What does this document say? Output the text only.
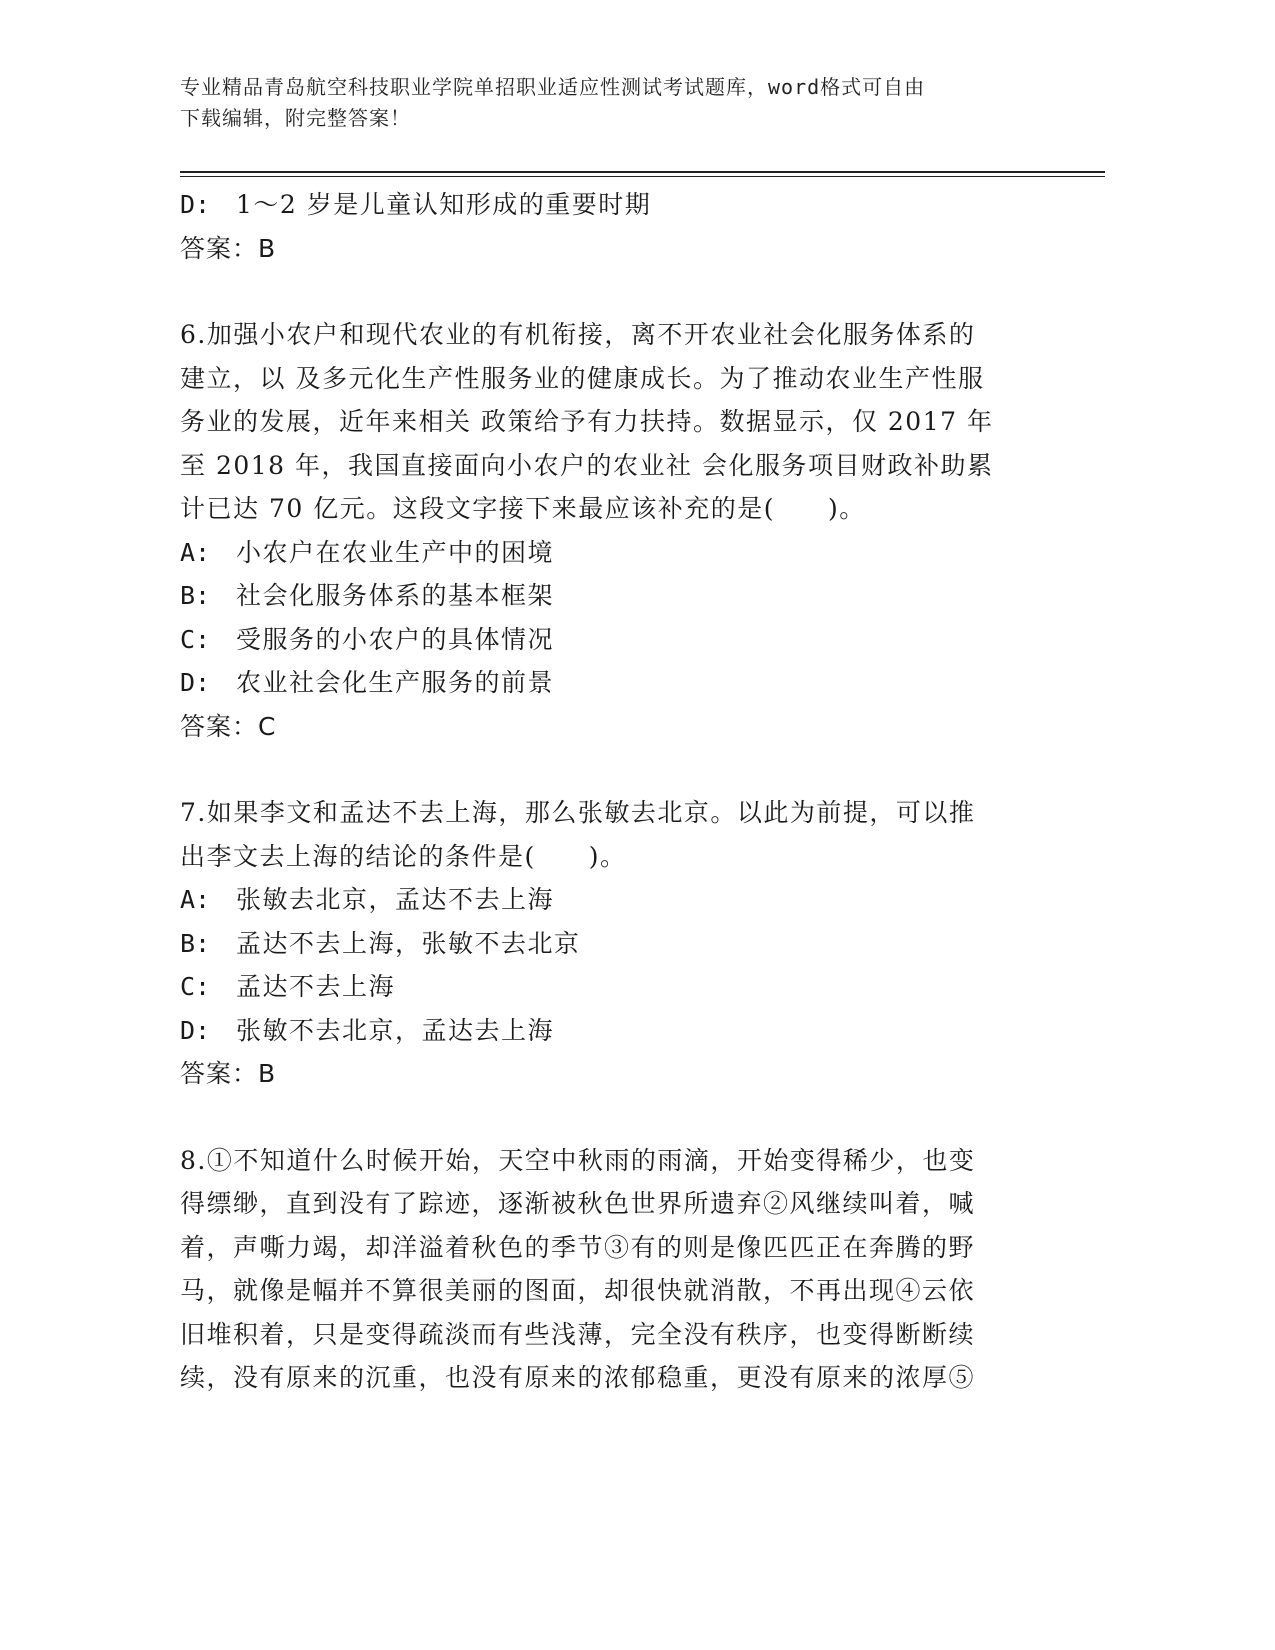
专业精品青岛航空科技职业学院单招职业适应性测试考试题库，word格式可自由
下载编辑，附完整答案！
D:	1～2 岁是儿童认知形成的重要时期
答案：B
6.加强小农户和现代农业的有机衔接，离不开农业社会化服务体系的
建立，以 及多元化生产性服务业的健康成长。为了推动农业生产性服
务业的发展，近年来相关 政策给予有力扶持。数据显示，仅 2017 年
至 2018 年，我国直接面向小农户的农业社 会化服务项目财政补助累
计已达 70 亿元。这段文字接下来最应该补充的是(　　)。
A:	小农户在农业生产中的困境
B:	社会化服务体系的基本框架
C:	受服务的小农户的具体情况
D:	农业社会化生产服务的前景
答案：C
7.如果李文和孟达不去上海，那么张敏去北京。以此为前提，可以推
出李文去上海的结论的条件是(　　)。
A:	张敏去北京，孟达不去上海
B:	孟达不去上海，张敏不去北京
C:	孟达不去上海
D:	张敏不去北京，孟达去上海
答案：B
8.①不知道什么时候开始，天空中秋雨的雨滴，开始变得稀少，也变
得缥缈，直到没有了踪迹，逐渐被秋色世界所遗弃②风继续叫着，喊
着，声嘶力竭，却洋溢着秋色的季节③有的则是像匹匹正在奔腾的野
马，就像是幅并不算很美丽的图面，却很快就消散，不再出现④云依
旧堆积着，只是变得疏淡而有些浅薄，完全没有秩序，也变得断断续
续，没有原来的沉重，也没有原来的浓郁稳重，更没有原来的浓厚⑤
